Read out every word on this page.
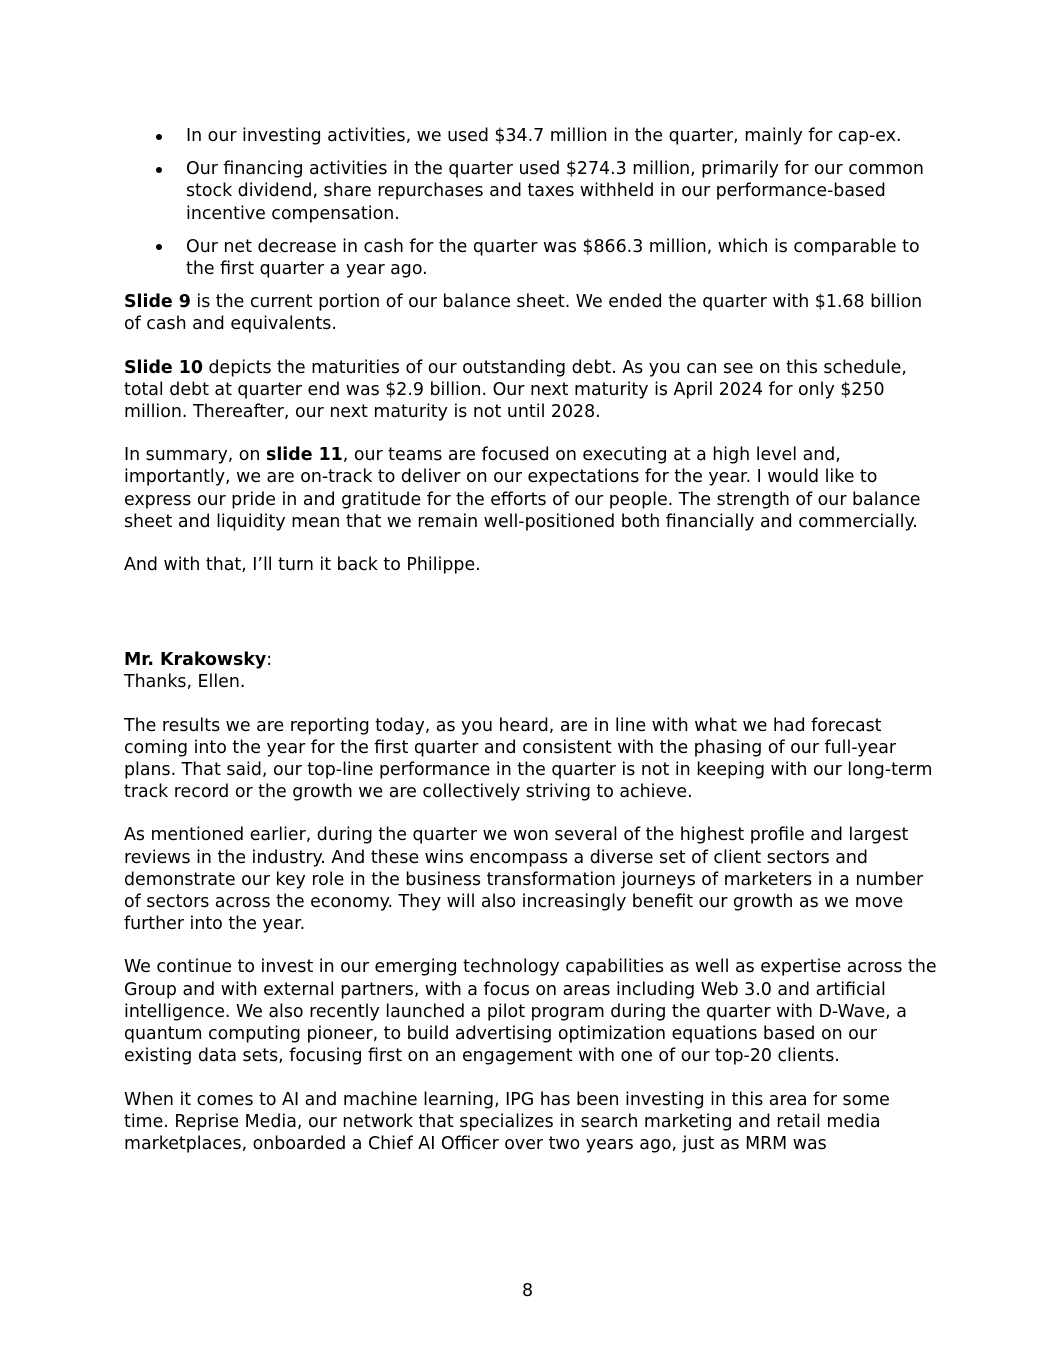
In our investing activities, we used $34.7 million in the quarter, mainly for cap-ex.
Our financing activities in the quarter used $274.3 million, primarily for our common stock dividend, share repurchases and taxes withheld in our performance-based incentive compensation.
Our net decrease in cash for the quarter was $866.3 million, which is comparable to the first quarter a year ago.

Slide 9 is the current portion of our balance sheet. We ended the quarter with $1.68 billion of cash and equivalents.

Slide 10 depicts the maturities of our outstanding debt. As you can see on this schedule, total debt at quarter end was $2.9 billion. Our next maturity is April 2024 for only $250 million. Thereafter, our next maturity is not until 2028.

In summary, on slide 11, our teams are focused on executing at a high level and, importantly, we are on-track to deliver on our expectations for the year. I would like to express our pride in and gratitude for the efforts of our people. The strength of our balance sheet and liquidity mean that we remain well-positioned both financially and commercially.

And with that, I’ll turn it back to Philippe.

Mr. Krakowsky:
Thanks, Ellen.

The results we are reporting today, as you heard, are in line with what we had forecast coming into the year for the first quarter and consistent with the phasing of our full-year plans. That said, our top-line performance in the quarter is not in keeping with our long-term track record or the growth we are collectively striving to achieve.

As mentioned earlier, during the quarter we won several of the highest profile and largest reviews in the industry. And these wins encompass a diverse set of client sectors and demonstrate our key role in the business transformation journeys of marketers in a number of sectors across the economy. They will also increasingly benefit our growth as we move further into the year.

We continue to invest in our emerging technology capabilities as well as expertise across the Group and with external partners, with a focus on areas including Web 3.0 and artificial intelligence. We also recently launched a pilot program during the quarter with D-Wave, a quantum computing pioneer, to build advertising optimization equations based on our existing data sets, focusing first on an engagement with one of our top-20 clients.

When it comes to AI and machine learning, IPG has been investing in this area for some time. Reprise Media, our network that specializes in search marketing and retail media marketplaces, onboarded a Chief AI Officer over two years ago, just as MRM was

8
